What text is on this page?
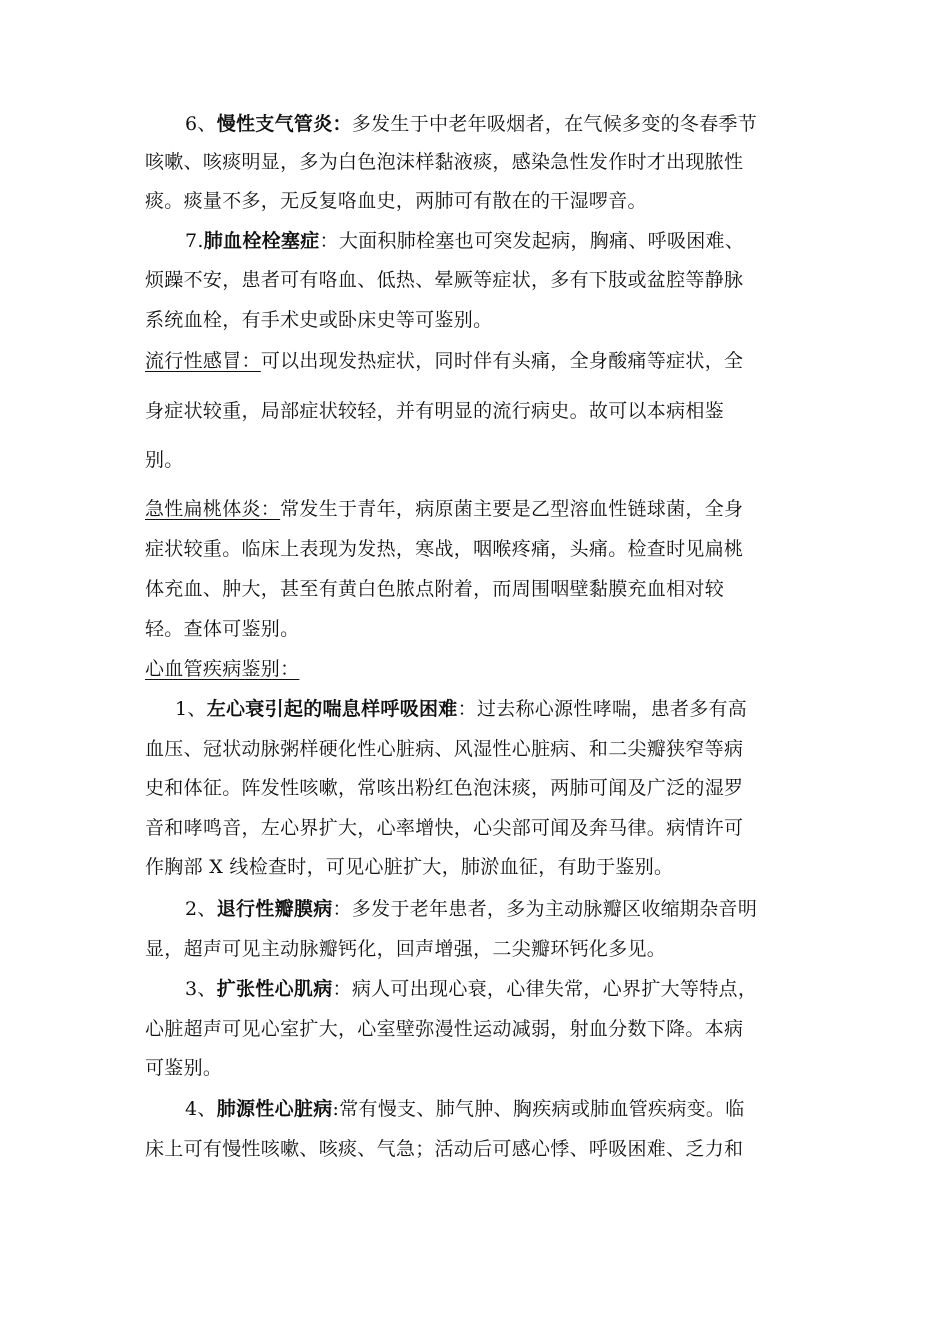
6、慢性支气管炎：多发生于中老年吸烟者，在气候多变的冬春季节
咳嗽、咳痰明显，多为白色泡沫样黏液痰，感染急性发作时才出现脓性
痰。痰量不多，无反复咯血史，两肺可有散在的干湿啰音。
7.肺血栓栓塞症：大面积肺栓塞也可突发起病，胸痛、呼吸困难、
烦躁不安，患者可有咯血、低热、晕厥等症状，多有下肢或盆腔等静脉
系统血栓，有手术史或卧床史等可鉴别。
流行性感冒：可以出现发热症状，同时伴有头痛，全身酸痛等症状，全
身症状较重，局部症状较轻，并有明显的流行病史。故可以本病相鉴
别。
急性扁桃体炎：常发生于青年，病原菌主要是乙型溶血性链球菌，全身
症状较重。临床上表现为发热，寒战，咽喉疼痛，头痛。检查时见扁桃
体充血、肿大，甚至有黄白色脓点附着，而周围咽壁黏膜充血相对较
轻。查体可鉴别。
心血管疾病鉴别：
1、左心衰引起的喘息样呼吸困难：过去称心源性哮喘，患者多有高
血压、冠状动脉粥样硬化性心脏病、风湿性心脏病、和二尖瓣狭窄等病
史和体征。阵发性咳嗽，常咳出粉红色泡沫痰，两肺可闻及广泛的湿罗
音和哮鸣音，左心界扩大，心率增快，心尖部可闻及奔马律。病情许可
作胸部 X 线检查时，可见心脏扩大，肺淤血征，有助于鉴别。
2、退行性瓣膜病：多发于老年患者，多为主动脉瓣区收缩期杂音明
显，超声可见主动脉瓣钙化，回声增强，二尖瓣环钙化多见。
3、扩张性心肌病：病人可出现心衰，心律失常，心界扩大等特点，
心脏超声可见心室扩大，心室壁弥漫性运动减弱，射血分数下降。本病
可鉴别。
4、肺源性心脏病:常有慢支、肺气肿、胸疾病或肺血管疾病变。临
床上可有慢性咳嗽、咳痰、气急；活动后可感心悸、呼吸困难、乏力和
